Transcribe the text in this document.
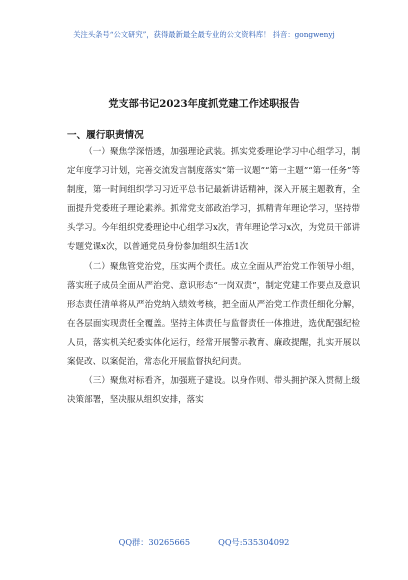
关注头条号“公文研究”，获得最新最全最专业的公文资料库！ 抖音：gongwenyj
党支部书记2023年度抓党建工作述职报告
一、履行职责情况

（一）聚焦学深悟透，加强理论武装。抓实党委理论学习中心组学习，制定年度学习计划，完善交流发言制度落实“第一议题”“第一主题”“第一任务”等制度，第一时间组织学习习近平总书记最新讲话精神，深入开展主题教育，全面提升党委班子理论素养。抓常党支部政治学习，抓精青年理论学习，坚持带头学习。今年组织党委理论中心组学习x次，青年理论学习x次，为党员干部讲专题党课x次，以普通党员身份参加组织生活1次

（二）聚焦管党治党，压实两个责任。成立全面从严治党工作领导小组，落实班子成员全面从严治党、意识形态“一岗双责”，制定党建工作要点及意识形态责任清单将从严治党纳入绩效考核，把全面从严治党工作责任细化分解，在各层面实现责任全覆盖。坚持主体责任与监督责任一体推进，选优配强纪检人员，落实机关纪委实体化运行，经常开展警示教育、廉政提醒，扎实开展以案促改、以案促治，常态化开展监督执纪问责。

（三）聚焦对标看齐，加强班子建设。以身作则、带头拥护深入贯彻上级决策部署，坚决服从组织安排，落实

QQ群：30265665	QQ号:535304092
